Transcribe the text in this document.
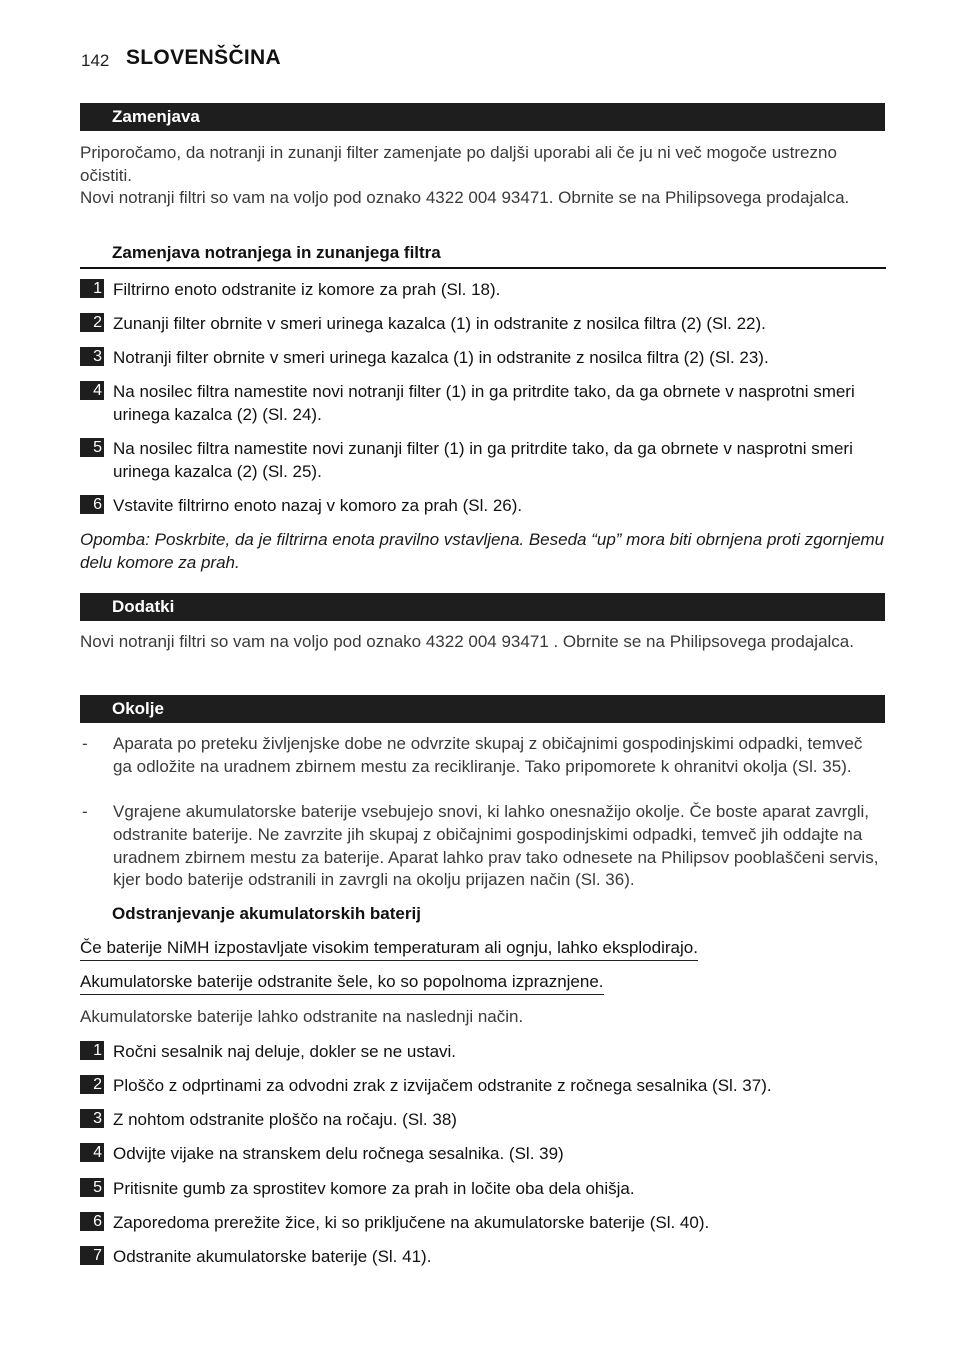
142 SLOVENŠČINA
Zamenjava
Priporočamo, da notranji in zunanji filter zamenjate po daljši uporabi ali če ju ni več mogoče ustrezno očistiti.
Novi notranji filtri so vam na voljo pod oznako 4322 004 93471. Obrnite se na Philipsovega prodajalca.
Zamenjava notranjega in zunanjega filtra
1 Filtrirno enoto odstranite iz komore za prah (Sl. 18).
2 Zunanji filter obrnite v smeri urinega kazalca (1) in odstranite z nosilca filtra (2) (Sl. 22).
3 Notranji filter obrnite v smeri urinega kazalca (1) in odstranite z nosilca filtra (2) (Sl. 23).
4 Na nosilec filtra namestite novi notranji filter (1) in ga pritrdite tako, da ga obrnete v nasprotni smeri urinega kazalca (2) (Sl. 24).
5 Na nosilec filtra namestite novi zunanji filter (1) in ga pritrdite tako, da ga obrnete v nasprotni smeri urinega kazalca (2) (Sl. 25).
6 Vstavite filtrirno enoto nazaj v komoro za prah (Sl. 26).
Opomba: Poskrbite, da je filtrirna enota pravilno vstavljena. Beseda “up” mora biti obrnjena proti zgornjemu delu komore za prah.
Dodatki
Novi notranji filtri so vam na voljo pod oznako 4322 004 93471 . Obrnite se na Philipsovega prodajalca.
Okolje
- Aparata po preteku življenjske dobe ne odvrzite skupaj z običajnimi gospodinjskimi odpadki, temveč ga odložite na uradnem zbirnem mestu za recikliranje. Tako pripomorete k ohranitvi okolja (Sl. 35).
- Vgrajene akumulatorske baterije vsebujejo snovi, ki lahko onesnažijo okolje. Če boste aparat zavrgli, odstranite baterije. Ne zavrzite jih skupaj z običajnimi gospodinjskimi odpadki, temveč jih oddajte na uradnem zbirnem mestu za baterije. Aparat lahko prav tako odnesete na Philipsov pooblaščeni servis, kjer bodo baterije odstranili in zavrgli na okolju prijazen način (Sl. 36).
Odstranjevanje akumulatorskih baterij
Če baterije NiMH izpostavljate visokim temperaturam ali ognju, lahko eksplodirajo.
Akumulatorske baterije odstranite šele, ko so popolnoma izpraznjene.
Akumulatorske baterije lahko odstranite na naslednji način.
1 Ročni sesalnik naj deluje, dokler se ne ustavi.
2 Ploščo z odprtinami za odvodni zrak z izvijačem odstranite z ročnega sesalnika (Sl. 37).
3 Z nohtom odstranite ploščo na ročaju. (Sl. 38)
4 Odvijte vijake na stranskem delu ročnega sesalnika. (Sl. 39)
5 Pritisnite gumb za sprostitev komore za prah in ločite oba dela ohišja.
6 Zaporedoma prerežite žice, ki so priključene na akumulatorske baterije (Sl. 40).
7 Odstranite akumulatorske baterije (Sl. 41).
